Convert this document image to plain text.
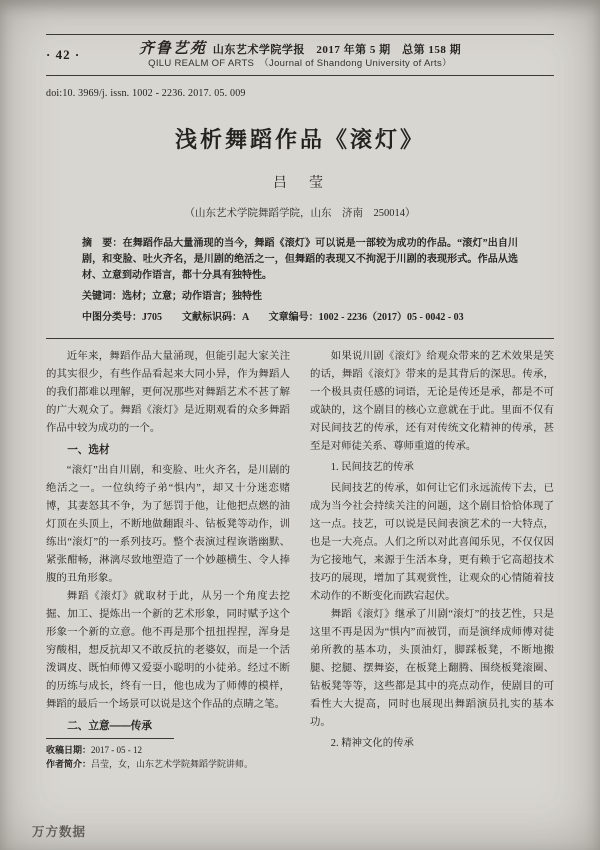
· 42 ·	齐鲁艺苑 山东艺术学院学报　2017 年第 5 期　总第 158 期
QILU REALM OF ARTS　（Journal of Shandong University of Arts）
doi:10. 3969/j. issn. 1002 - 2236. 2017. 05. 009
浅析舞蹈作品《滚灯》
吕　莹
（山东艺术学院舞蹈学院，山东　济南　250014）

摘　要：在舞蹈作品大量涌现的当今，舞蹈《滚灯》可以说是一部较为成功的作品。“滚灯”出自川剧，和变脸、吐火齐名，是川剧的绝活之一，但舞蹈的表现又不拘泥于川剧的表现形式。作品从选材、立意到动作语言，都十分具有独特性。

关键词：选材；立意；动作语言；独特性

中图分类号：J705　　文献标识码：A　　文章编号：1002 - 2236（2017）05 - 0042 - 03

近年来，舞蹈作品大量涌现，但能引起大家关注的其实很少，有些作品看起来大同小异，作为舞蹈人的我们都难以理解，更何况那些对舞蹈艺术不甚了解的广大观众了。舞蹈《滚灯》是近期观看的众多舞蹈作品中较为成功的一个。

一、选材

“滚灯”出自川剧，和变脸、吐火齐名，是川剧的绝活之一。一位纨绔子弟“惧内”，却又十分迷恋赌博，其妻怒其不争，为了惩罚于他，让他把点燃的油灯顶在头顶上，不断地做翻跟斗、钻板凳等动作，训练出“滚灯”的一系列技巧。整个表演过程诙谐幽默、紧张酣畅，淋漓尽致地塑造了一个妙趣横生、令人捧腹的丑角形象。

舞蹈《滚灯》就取材于此，从另一个角度去挖掘、加工、提炼出一个新的艺术形象，同时赋予这个形象一个新的立意。他不再是那个扭扭捏捏，浑身是穷酸相，想反抗却又不敢反抗的老婆奴，而是一个活泼调皮、既怕师傅又爱耍小聪明的小徒弟。经过不断的历练与成长，终有一日，他也成为了师傅的模样，舞蹈的最后一个场景可以说是这个作品的点睛之笔。

二、立意——传承

收稿日期：2017 - 05 - 12

作者简介：吕莹，女，山东艺术学院舞蹈学院讲师。

如果说川剧《滚灯》给观众带来的艺术效果是笑的话，舞蹈《滚灯》带来的是其背后的深思。传承，一个极具责任感的词语，无论是传还是承，都是不可或缺的，这个剧目的核心立意就在于此。里面不仅有对民间技艺的传承，还有对传统文化精神的传承，甚至是对师徒关系、尊师重道的传承。

1. 民间技艺的传承

民间技艺的传承，如何让它们永远流传下去，已成为当今社会持续关注的问题，这个剧目恰恰体现了这一点。技艺，可以说是民间表演艺术的一大特点，也是一大亮点。人们之所以对此喜闻乐见，不仅仅因为它接地气，来源于生活本身，更有赖于它高超技术技巧的展现，增加了其观赏性，让观众的心情随着技术动作的不断变化而跌宕起伏。

舞蹈《滚灯》继承了川剧“滚灯”的技艺性，只是这里不再是因为“惧内”而被罚，而是演绎成师傅对徒弟所教的基本功，头顶油灯，脚踩板凳，不断地搬腿、挖腿、摆舞姿，在板凳上翻腾、围绕板凳滚圈、钻板凳等等，这些都是其中的亮点动作，使剧目的可看性大大提高，同时也展现出舞蹈演员扎实的基本功。

2. 精神文化的传承

万方数据
